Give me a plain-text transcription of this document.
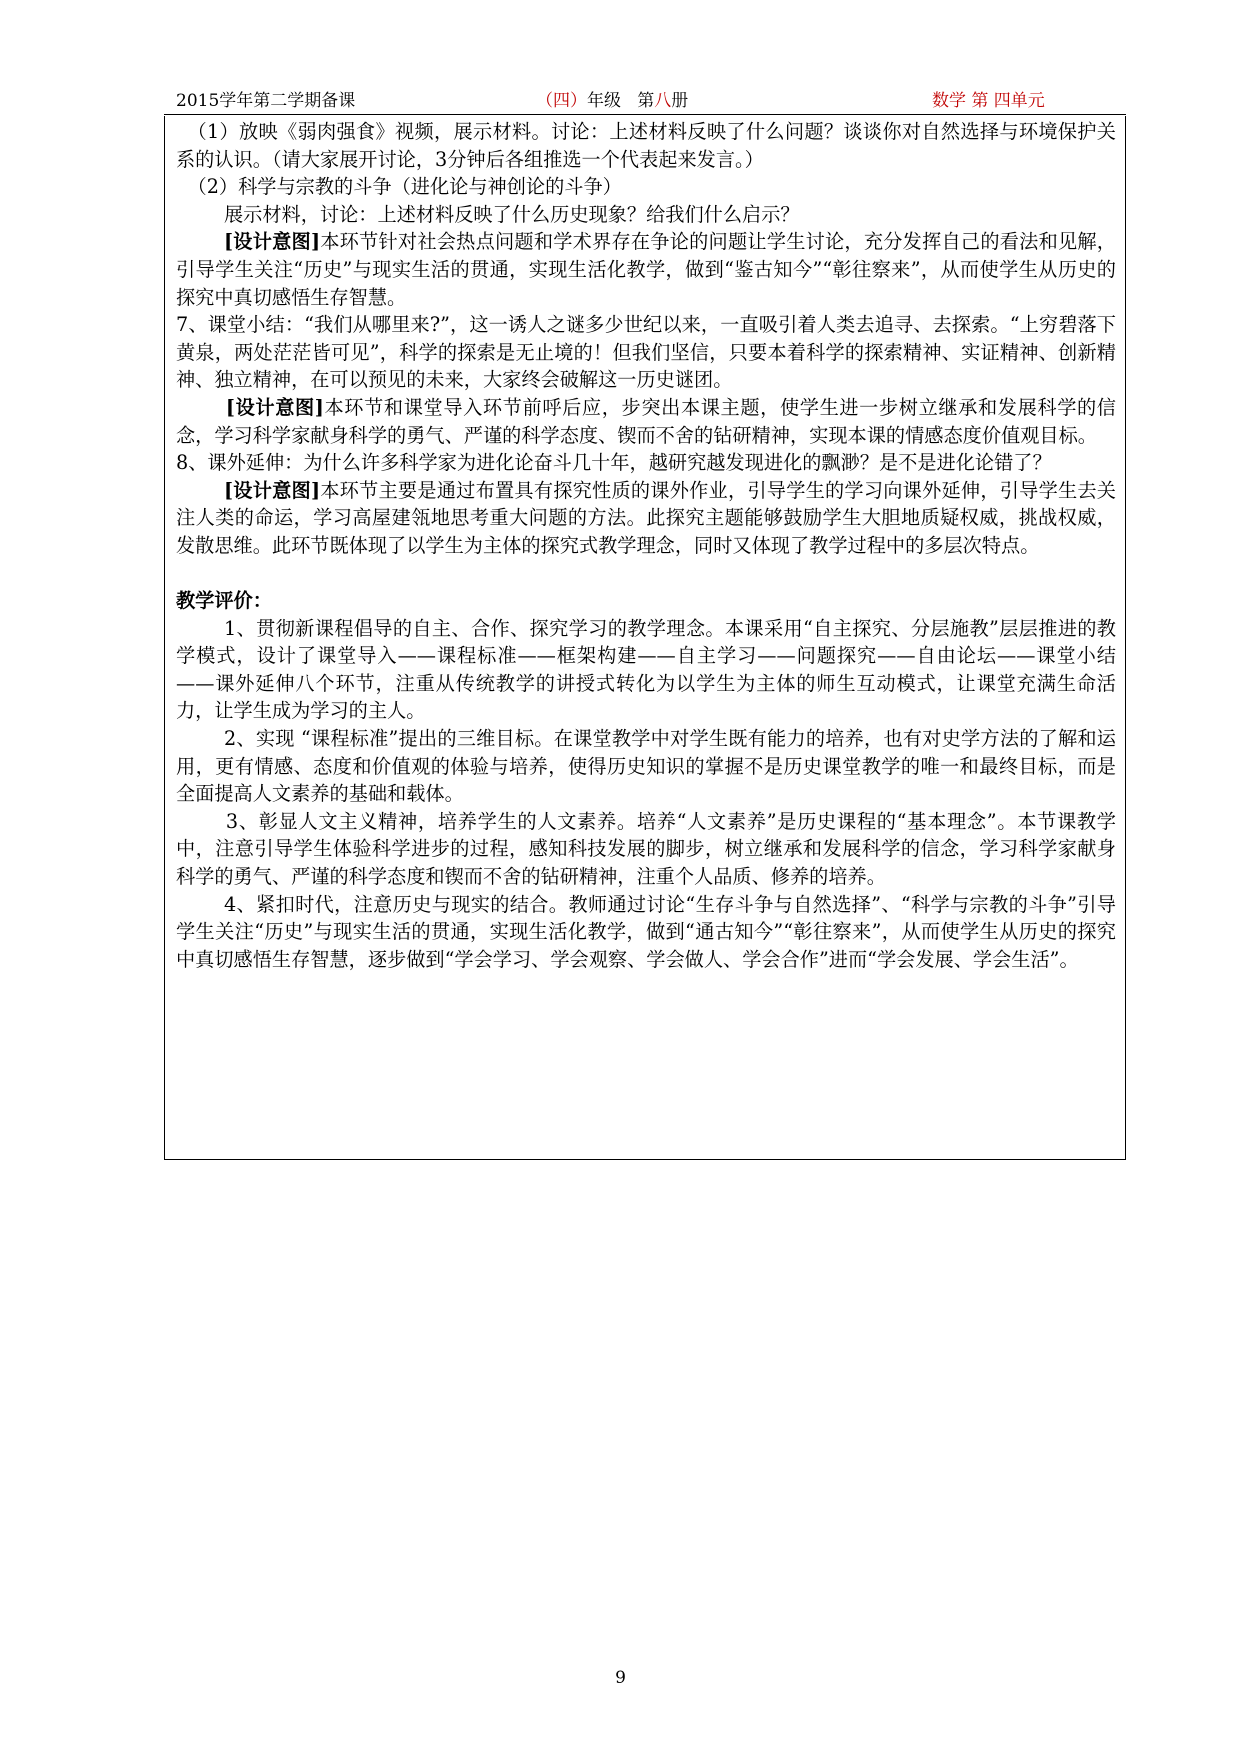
2015学年第二学期备课	（四）年级 第八册	数学 第 四单元

（1）放映《弱肉强食》视频，展示材料。讨论：上述材料反映了什么问题？谈谈你对自然选择与环境保护关系的认识。（请大家展开讨论，3分钟后各组推选一个代表起来发言。）

（2）科学与宗教的斗争（进化论与神创论的斗争）

展示材料，讨论：上述材料反映了什么历史现象？给我们什么启示？

[设计意图]本环节针对社会热点问题和学术界存在争论的问题让学生讨论，充分发挥自己的看法和见解，引导学生关注“历史”与现实生活的贯通，实现生活化教学，做到“鉴古知今”“彰往察来”，从而使学生从历史的探究中真切感悟生存智慧。

7、课堂小结：“我们从哪里来?”，这一诱人之谜多少世纪以来，一直吸引着人类去追寻、去探索。“上穷碧落下黄泉，两处茫茫皆可见”，科学的探索是无止境的！但我们坚信，只要本着科学的探索精神、实证精神、创新精神、独立精神，在可以预见的未来，大家终会破解这一历史谜团。

[设计意图]本环节和课堂导入环节前呼后应，步突出本课主题，使学生进一步树立继承和发展科学的信念，学习科学家献身科学的勇气、严谨的科学态度、锲而不舍的钻研精神，实现本课的情感态度价值观目标。

8、课外延伸：为什么许多科学家为进化论奋斗几十年，越研究越发现进化的飘渺？是不是进化论错了？

[设计意图]本环节主要是通过布置具有探究性质的课外作业，引导学生的学习向课外延伸，引导学生去关注人类的命运，学习高屋建瓴地思考重大问题的方法。此探究主题能够鼓励学生大胆地质疑权威，挑战权威，发散思维。此环节既体现了以学生为主体的探究式教学理念，同时又体现了教学过程中的多层次特点。

教学评价：

1、贯彻新课程倡导的自主、合作、探究学习的教学理念。本课采用“自主探究、分层施教”层层推进的教学模式，设计了课堂导入——课程标准——框架构建——自主学习——问题探究——自由论坛——课堂小结——课外延伸八个环节，注重从传统教学的讲授式转化为以学生为主体的师生互动模式，让课堂充满生命活力，让学生成为学习的主人。

2、实现 “课程标准”提出的三维目标。在课堂教学中对学生既有能力的培养，也有对史学方法的了解和运用，更有情感、态度和价值观的体验与培养，使得历史知识的掌握不是历史课堂教学的唯一和最终目标，而是全面提高人文素养的基础和载体。

3、彰显人文主义精神，培养学生的人文素养。培养“人文素养”是历史课程的“基本理念”。本节课教学中，注意引导学生体验科学进步的过程，感知科技发展的脚步，树立继承和发展科学的信念，学习科学家献身科学的勇气、严谨的科学态度和锲而不舍的钻研精神，注重个人品质、修养的培养。

4、紧扣时代，注意历史与现实的结合。教师通过讨论“生存斗争与自然选择”、“科学与宗教的斗争”引导学生关注“历史”与现实生活的贯通，实现生活化教学，做到“通古知今”“彰往察来”，从而使学生从历史的探究中真切感悟生存智慧，逐步做到“学会学习、学会观察、学会做人、学会合作”进而“学会发展、学会生活”。

9
